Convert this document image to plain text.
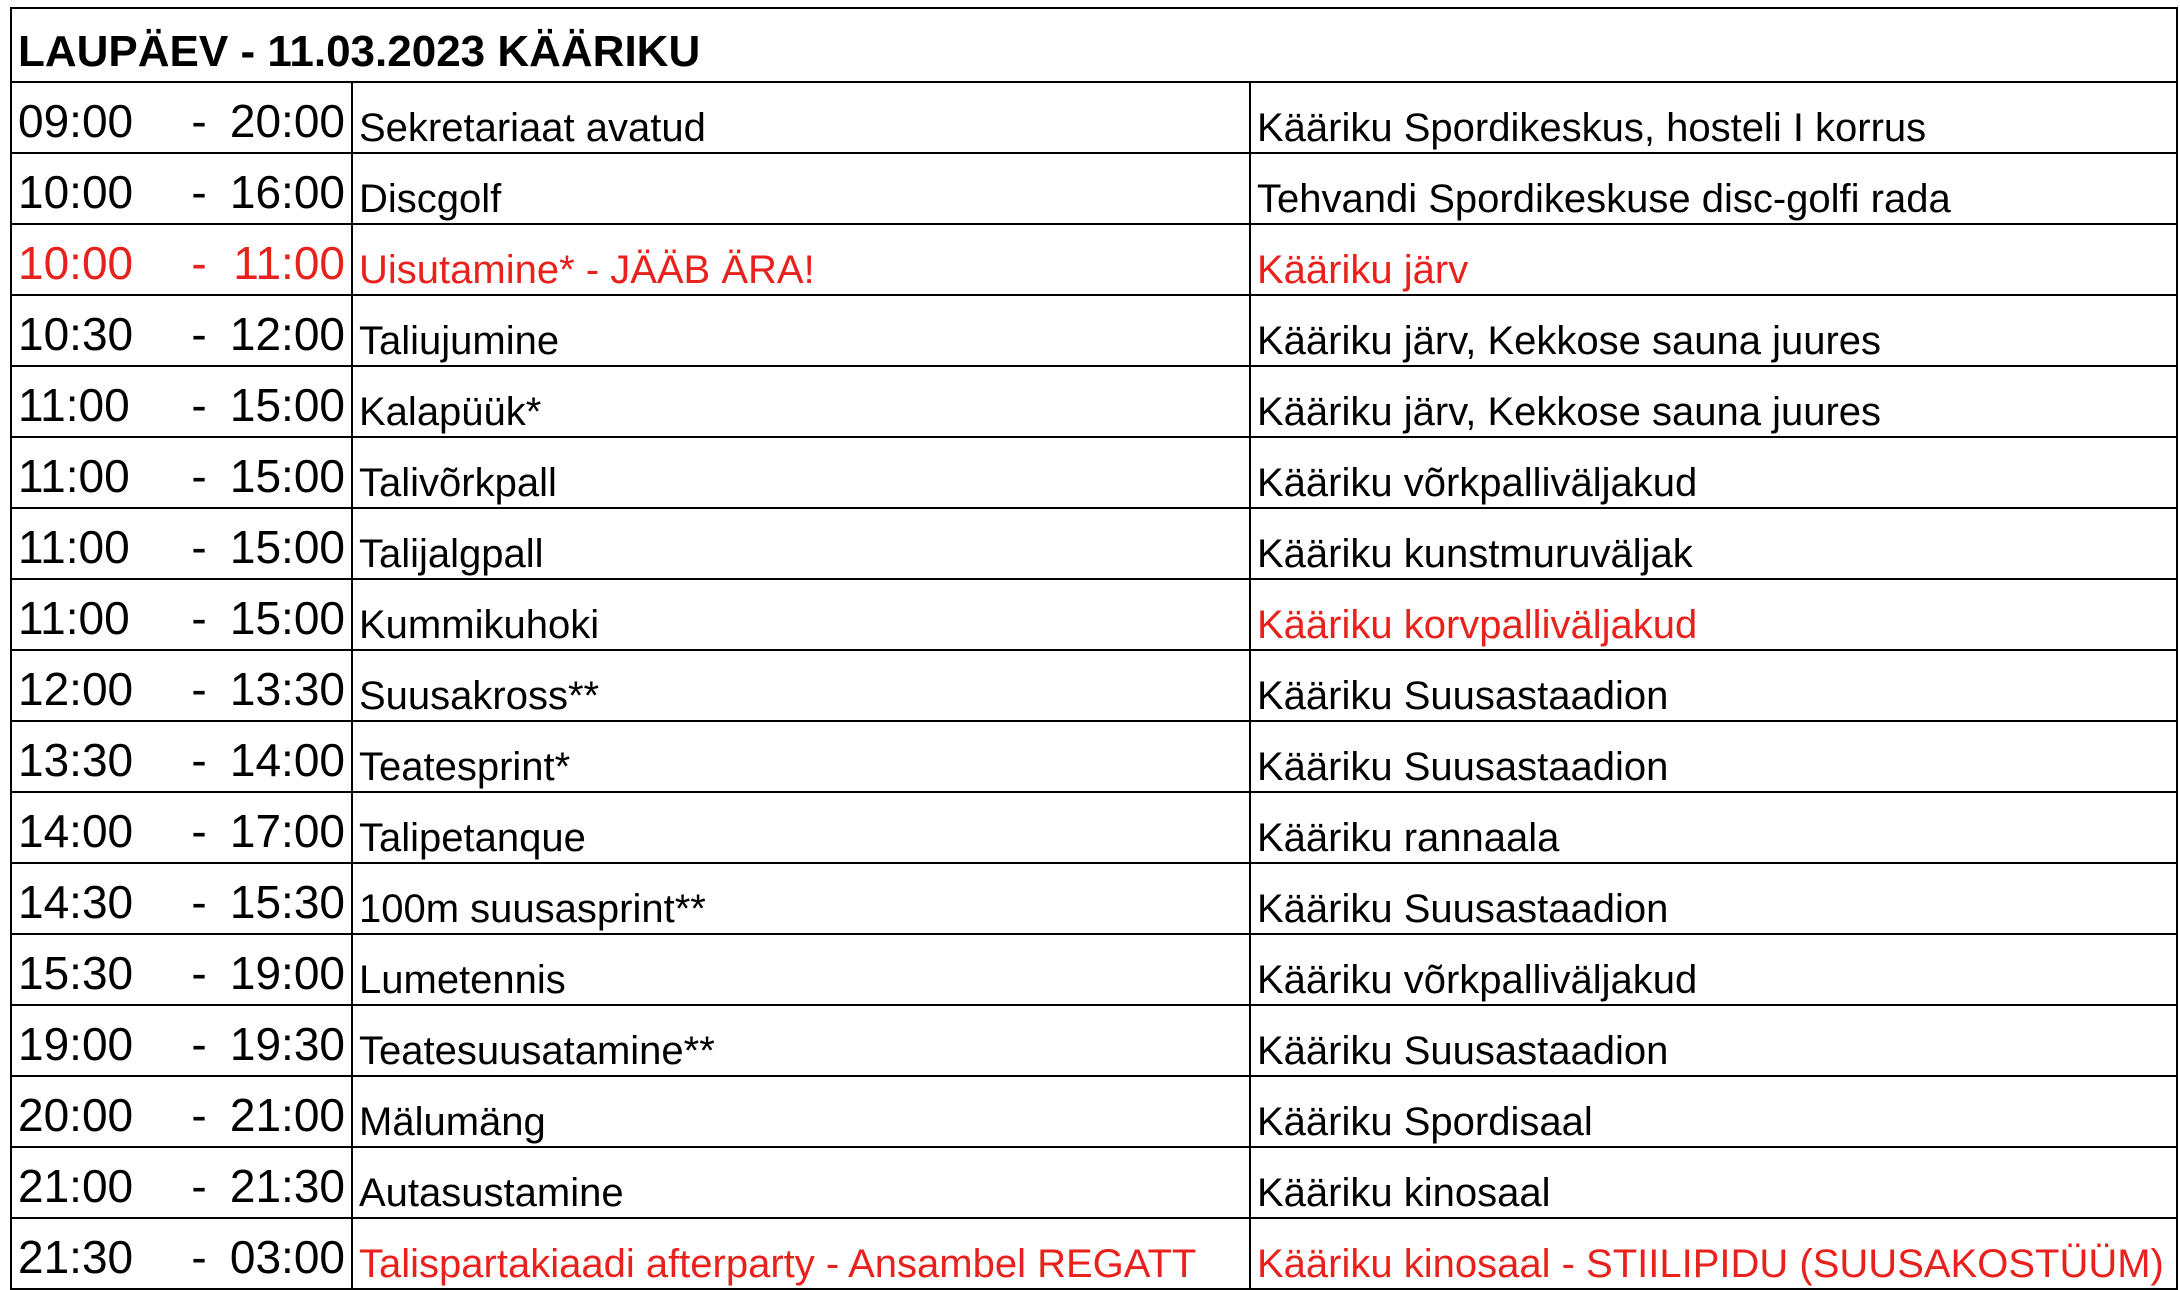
LAUPÄEV - 11.03.2023 KÄÄRIKU				
09:00	-	20:00	Sekretariaat avatud	Kääriku Spordikeskus, hosteli I korrus
10:00	-	16:00	Discgolf	Tehvandi Spordikeskuse disc-golfi rada
10:00	-	11:00	Uisutamine* - JÄÄB ÄRA!	Kääriku järv
10:30	-	12:00	Taliujumine	Kääriku järv, Kekkose sauna juures
11:00	-	15:00	Kalapüük*	Kääriku järv, Kekkose sauna juures
11:00	-	15:00	Talivõrkpall	Kääriku võrkpalliväljakud
11:00	-	15:00	Talijalgpall	Kääriku kunstmuruväljak
11:00	-	15:00	Kummikuhoki	Kääriku korvpalliväljakud
12:00	-	13:30	Suusakross**	Kääriku Suusastaadion
13:30	-	14:00	Teatesprint*	Kääriku Suusastaadion
14:00	-	17:00	Talipetanque	Kääriku rannaala
14:30	-	15:30	100m suusasprint**	Kääriku Suusastaadion
15:30	-	19:00	Lumetennis	Kääriku võrkpalliväljakud
19:00	-	19:30	Teatesuusatamine**	Kääriku Suusastaadion
20:00	-	21:00	Mälumäng	Kääriku Spordisaal
21:00	-	21:30	Autasustamine	Kääriku kinosaal
21:30	-	03:00	Talispartakiaadi afterparty - Ansambel REGATT	Kääriku kinosaal - STIILIPIDU (SUUSAKOSTÜÜM)
